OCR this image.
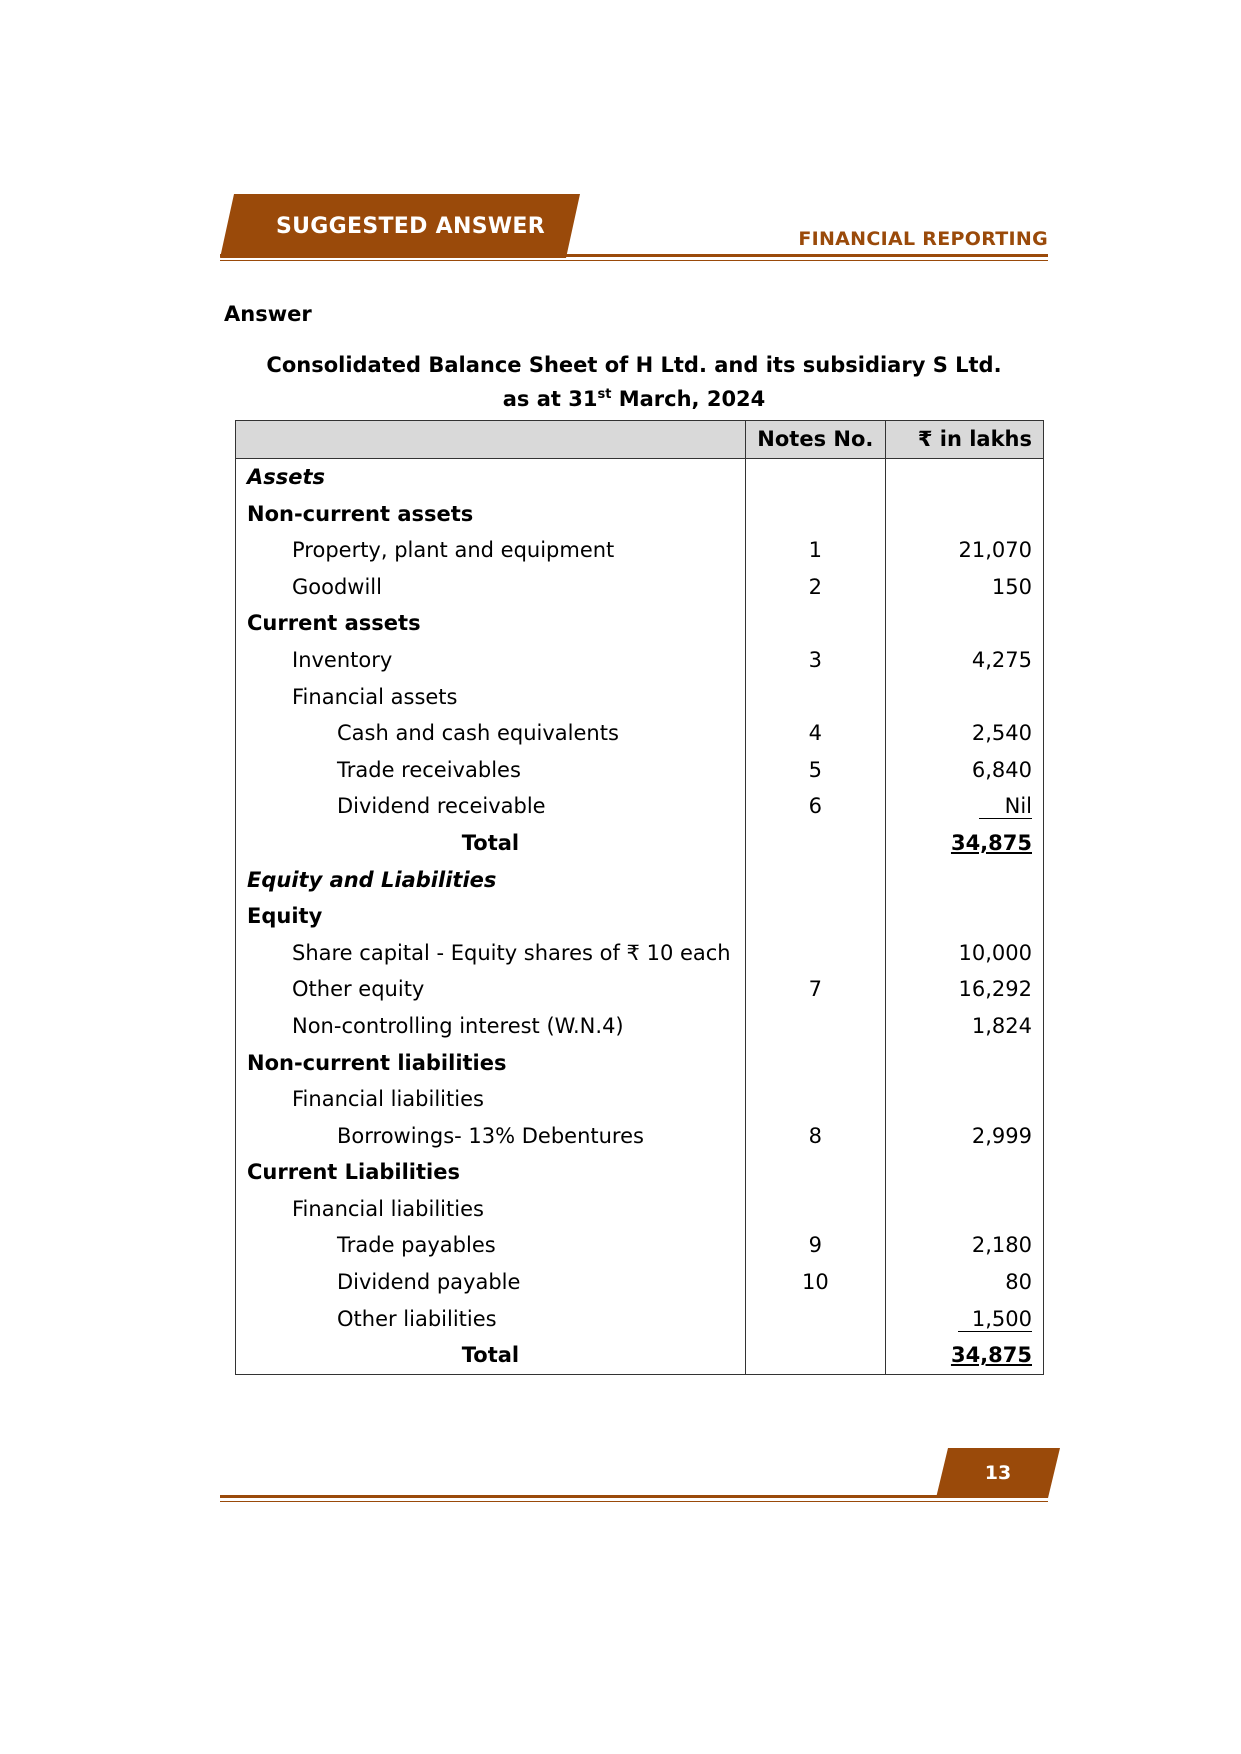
SUGGESTED ANSWER	FINANCIAL REPORTING
Answer
Consolidated Balance Sheet of H Ltd. and its subsidiary S Ltd.
as at 31st March, 2024
	Notes No.	₹ in lakhs
Assets		
Non-current assets		
Property, plant and equipment	1	21,070
Goodwill	2	150
Current assets		
Inventory	3	4,275
Financial assets		
Cash and cash equivalents	4	2,540
Trade receivables	5	6,840
Dividend receivable	6	Nil
Total		34,875
Equity and Liabilities		
Equity		
Share capital - Equity shares of ₹ 10 each		10,000
Other equity	7	16,292
Non-controlling interest (W.N.4)		1,824
Non-current liabilities		
Financial liabilities		
Borrowings- 13% Debentures	8	2,999
Current Liabilities		
Financial liabilities		
Trade payables	9	2,180
Dividend payable	10	80
Other liabilities		1,500
Total		34,875
13
